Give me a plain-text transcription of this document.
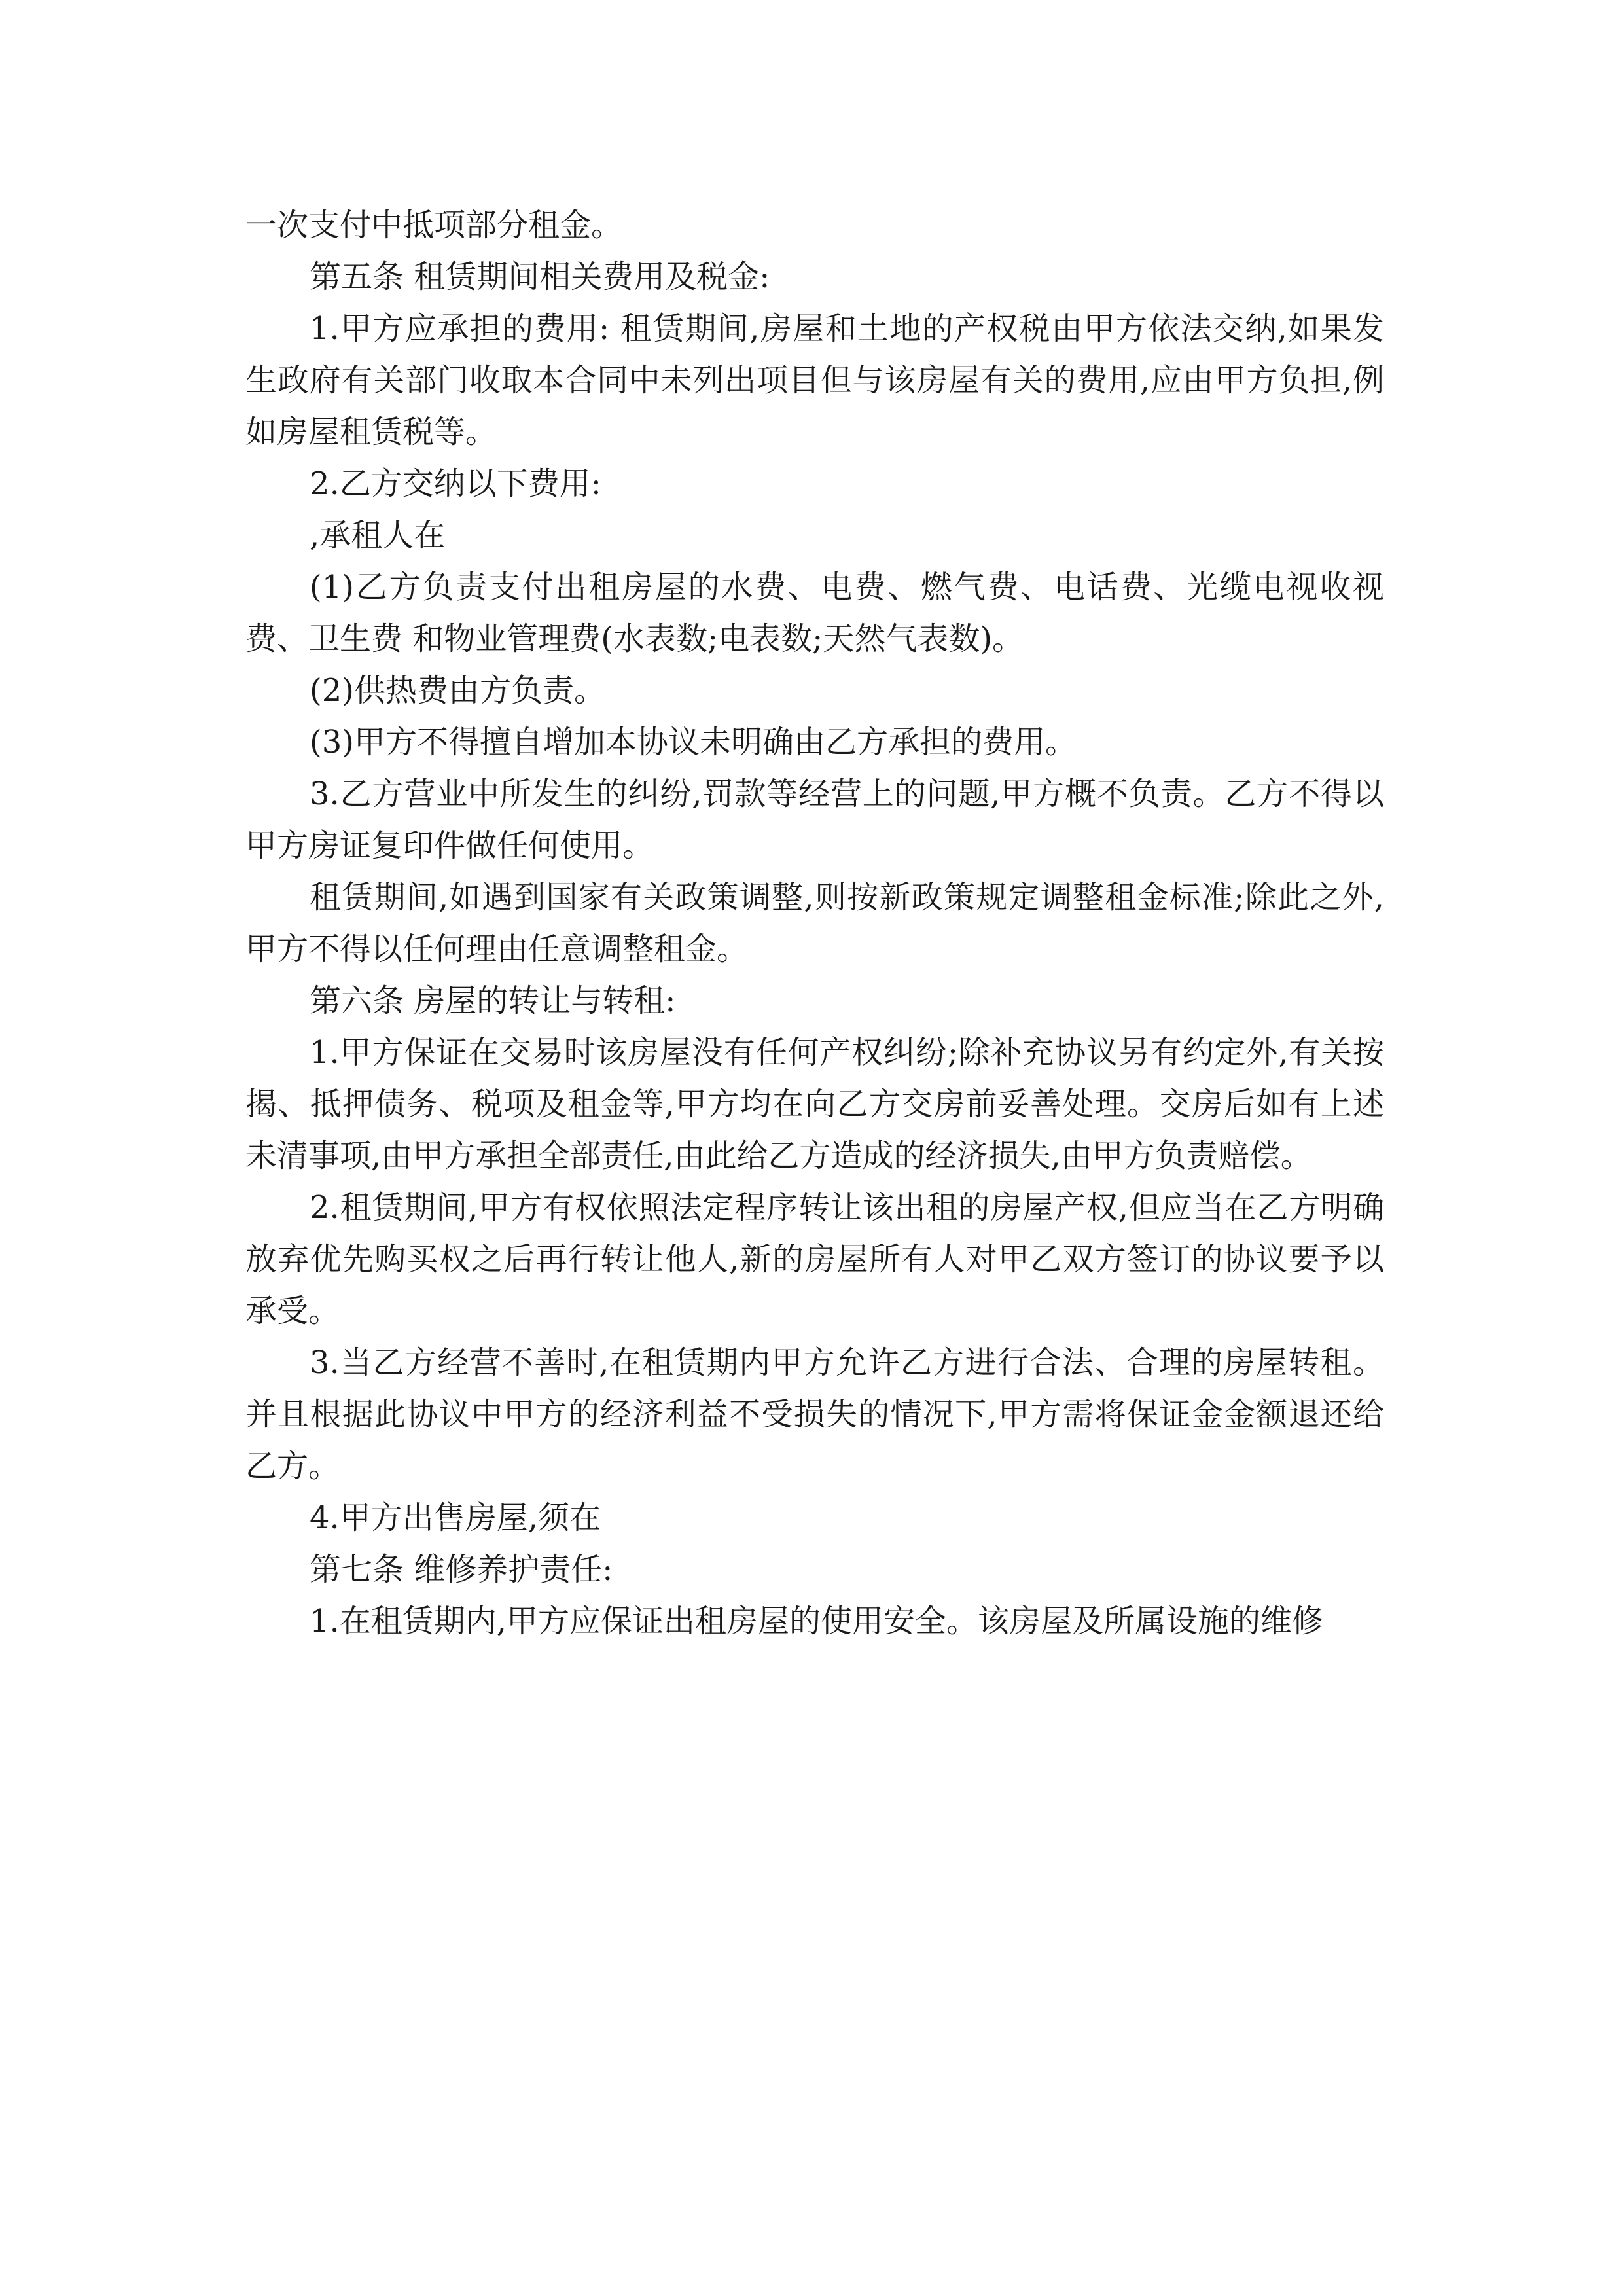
一次支付中抵项部分租金。

第五条 租赁期间相关费用及税金:

1.甲方应承担的费用: 租赁期间,房屋和土地的产权税由甲方依法交纳,如果发生政府有关部门收取本合同中未列出项目但与该房屋有关的费用,应由甲方负担,例如房屋租赁税等。

2.乙方交纳以下费用:

,承租人在

(1)乙方负责支付出租房屋的水费、电费、燃气费、电话费、光缆电视收视费、卫生费 和物业管理费(水表数;电表数;天然气表数)。

(2)供热费由方负责。

(3)甲方不得擅自增加本协议未明确由乙方承担的费用。

3.乙方营业中所发生的纠纷,罚款等经营上的问题,甲方概不负责。乙方不得以甲方房证复印件做任何使用。

租赁期间,如遇到国家有关政策调整,则按新政策规定调整租金标准;除此之外,甲方不得以任何理由任意调整租金。

第六条 房屋的转让与转租:

1.甲方保证在交易时该房屋没有任何产权纠纷;除补充协议另有约定外,有关按揭、抵押债务、税项及租金等,甲方均在向乙方交房前妥善处理。交房后如有上述未清事项,由甲方承担全部责任,由此给乙方造成的经济损失,由甲方负责赔偿。

2.租赁期间,甲方有权依照法定程序转让该出租的房屋产权,但应当在乙方明确放弃优先购买权之后再行转让他人,新的房屋所有人对甲乙双方签订的协议要予以承受。

3.当乙方经营不善时,在租赁期内甲方允许乙方进行合法、合理的房屋转租。并且根据此协议中甲方的经济利益不受损失的情况下,甲方需将保证金金额退还给乙方。

4.甲方出售房屋,须在

第七条 维修养护责任:

1.在租赁期内,甲方应保证出租房屋的使用安全。该房屋及所属设施的维修
